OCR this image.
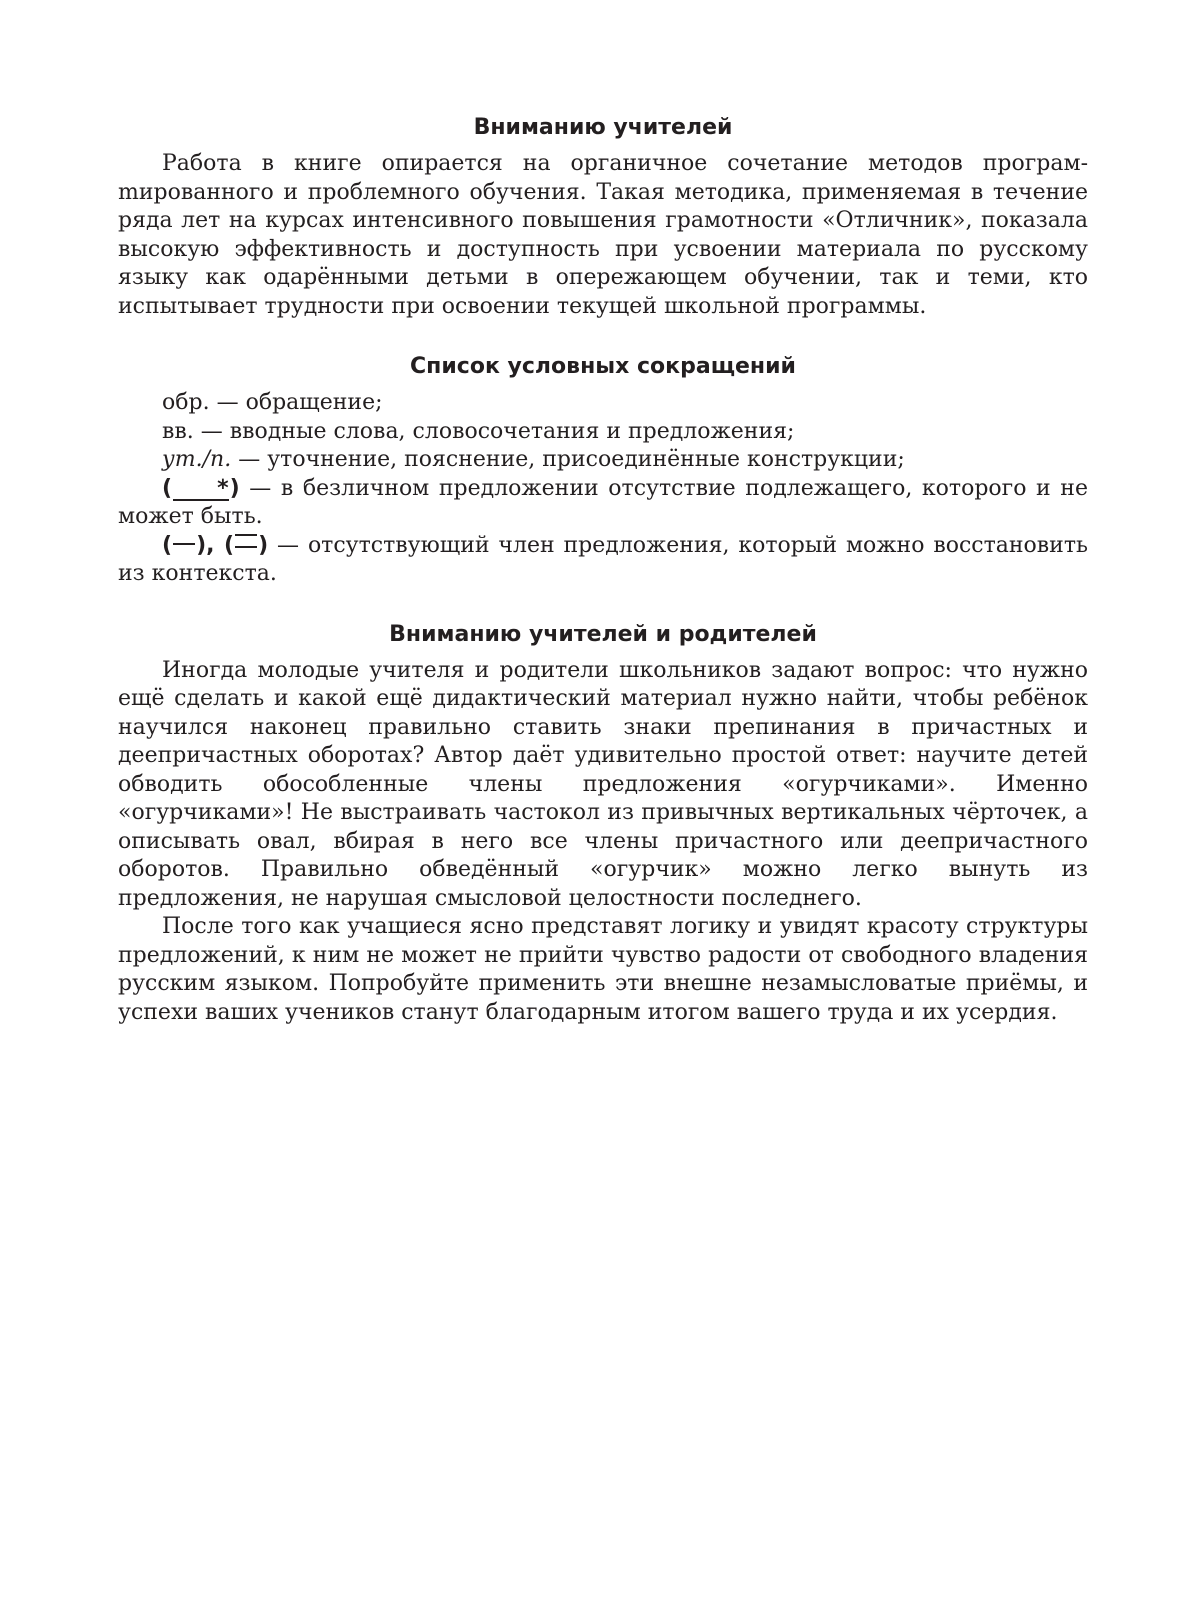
Вниманию учителей

Работа в книге опирается на органичное сочетание методов програмmированного и проблемного обучения. Такая методика, применяемая в течение ряда лет на курсах интенсивного повышения грамотности «Отличник», показала высокую эффективность и доступность при усвоении материала по русскому языку как одарёнными детьми в опережающем обучении, так и теми, кто испытывает трудности при освоении текущей школьной программы.

Список условных сокращений

обр. — обращение;

вв. — вводные слова, словосочетания и предложения;

ут./п. — уточнение, пояснение, присоединённые конструкции;

( *) — в безличном предложении отсутствие подлежащего, которого и не может быть.

( ), ( ) — отсутствующий член предложения, который можно восстановить из контекста.

Вниманию учителей и родителей

Иногда молодые учителя и родители школьников задают вопрос: что нужно ещё сделать и какой ещё дидактический материал нужно найти, чтобы ребёнок научился наконец правильно ставить знаки препинания в причастных и деепричастных оборотах? Автор даёт удивительно простой ответ: научите детей обводить обособленные члены предложения «огурчиками». Именно «огурчиками»! Не выстраивать частокол из привычных вертикальных чёрточек, а описывать овал, вбирая в него все члены причастного или деепричастного оборотов. Правильно обведённый «огурчик» можно легко вынуть из предложения, не нарушая смысловой целостности последнего.

После того как учащиеся ясно представят логику и увидят красоту структуры предложений, к ним не может не прийти чувство радости от свободного владения русским языком. Попробуйте применить эти внешне незамысловатые приёмы, и успехи ваших учеников станут благодарным итогом вашего труда и их усердия.
